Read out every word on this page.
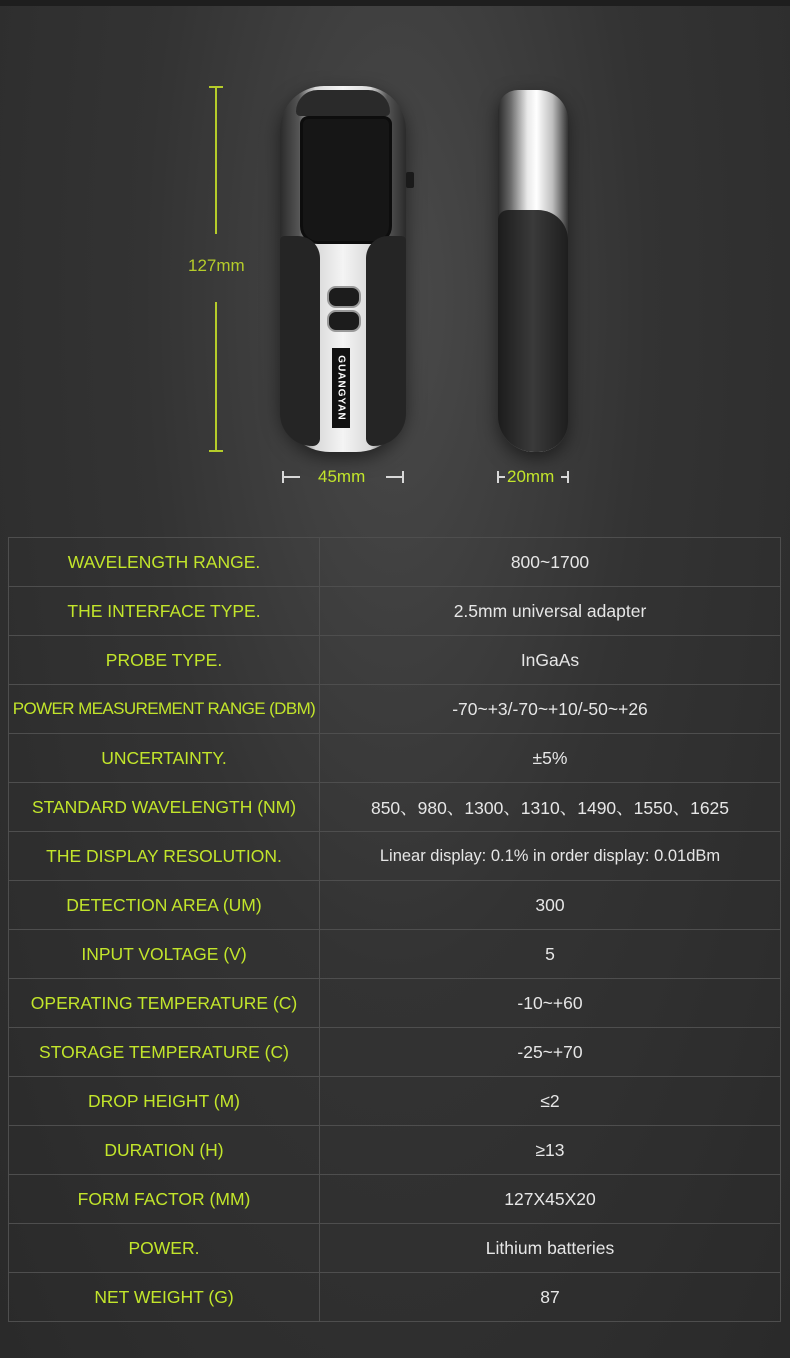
127mm
GUANGYAN
45mm	20mm
WAVELENGTH RANGE.	800~1700
THE INTERFACE TYPE.	2.5mm universal adapter
PROBE TYPE.	InGaAs
POWER MEASUREMENT RANGE (DBM)	-70~+3/-70~+10/-50~+26
UNCERTAINTY.	±5%
STANDARD WAVELENGTH (NM)	850、980、1300、1310、1490、1550、1625
THE DISPLAY RESOLUTION.	Linear display: 0.1% in order display: 0.01dBm
DETECTION AREA (UM)	300
INPUT VOLTAGE (V)	5
OPERATING TEMPERATURE (C)	-10~+60
STORAGE TEMPERATURE (C)	-25~+70
DROP HEIGHT (M)	≤2
DURATION (H)	≥13
FORM FACTOR (MM)	127X45X20
POWER.	Lithium batteries
NET WEIGHT (G)	87
